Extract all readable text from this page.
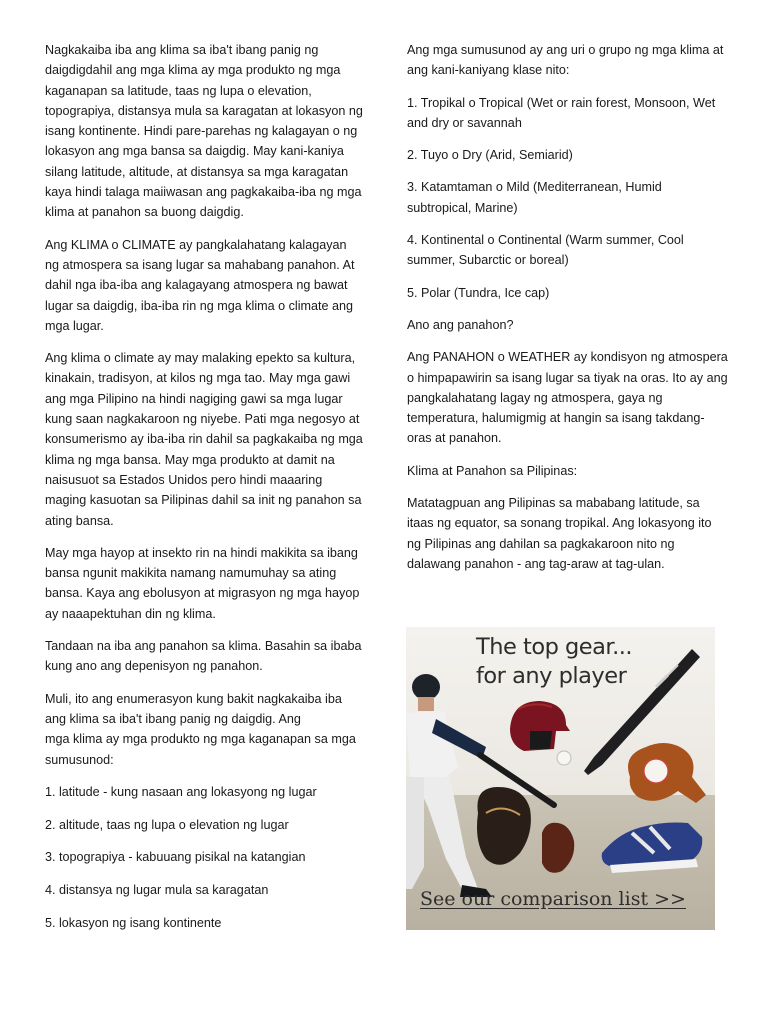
Nagkakaiba iba ang klima sa iba't ibang panig ng daigdigdahil ang mga klima ay mga produkto ng mga kaganapan sa latitude, taas ng lupa o elevation, topograpiya, distansya mula sa karagatan at lokasyon ng isang kontinente. Hindi pare-parehas ng kalagayan o ng lokasyon ang mga bansa sa daigdig. May kani-kaniya silang latitude, altitude, at distansya sa mga karagatan kaya hindi talaga maiiwasan ang pagkakaiba-iba ng mga klima at panahon sa buong daigdig.

Ang KLIMA o CLIMATE ay pangkalahatang kalagayan ng atmospera sa isang lugar sa mahabang panahon. At dahil nga iba-iba ang kalagayang atmospera ng bawat lugar sa daigdig, iba-iba rin ng mga klima o climate ang mga lugar.

Ang klima o climate ay may malaking epekto sa kultura, kinakain, tradisyon, at kilos ng mga tao. May mga gawi ang mga Pilipino na hindi nagiging gawi sa mga lugar kung saan nagkakaroon ng niyebe. Pati mga negosyo at konsumerismo ay iba-iba rin dahil sa pagkakaiba ng mga klima ng mga bansa. May mga produkto at damit na naisusuot sa Estados Unidos pero hindi maaaring maging kasuotan sa Pilipinas dahil sa init ng panahon sa ating bansa.

May mga hayop at insekto rin na hindi makikita sa ibang bansa ngunit makikita namang namumuhay sa ating bansa. Kaya ang ebolusyon at migrasyon ng mga hayop ay naaapektuhan din ng klima.

Tandaan na iba ang panahon sa klima. Basahin sa ibaba kung ano ang depenisyon ng panahon.

Muli, ito ang enumerasyon kung bakit nagkakaiba iba ang klima sa iba't ibang panig ng daigdig. Ang
mga klima ay mga produkto ng mga kaganapan sa mga sumusunod:

1. latitude - kung nasaan ang lokasyong ng lugar

2. altitude, taas ng lupa o elevation ng lugar

3. topograpiya - kabuuang pisikal na katangian

4. distansya ng lugar mula sa karagatan

5. lokasyon ng isang kontinente

Ang mga sumusunod ay ang uri o grupo ng mga klima at ang kani-kaniyang klase nito:

1. Tropikal o Tropical (Wet or rain forest, Monsoon, Wet and dry or savannah

2. Tuyo o Dry (Arid, Semiarid)

3. Katamtaman o Mild (Mediterranean, Humid subtropical, Marine)

4. Kontinental o Continental (Warm summer, Cool summer, Subarctic or boreal)

5. Polar (Tundra, Ice cap)

Ano ang panahon?

Ang PANAHON o WEATHER ay kondisyon ng atmospera o himpapawirin sa isang lugar sa tiyak na oras. Ito ay ang pangkalahatang lagay ng atmospera, gaya ng temperatura, halumigmig at hangin sa isang takdang-oras at panahon.

Klima at Panahon sa Pilipinas:

Matatagpuan ang Pilipinas sa mababang latitude, sa itaas ng equator, sa sonang tropikal. Ang lokasyong ito ng Pilipinas ang dahilan sa pagkakaroon nito ng dalawang panahon - ang tag-araw at tag-ulan.

The top gear...
for any player
See our comparison list >>
